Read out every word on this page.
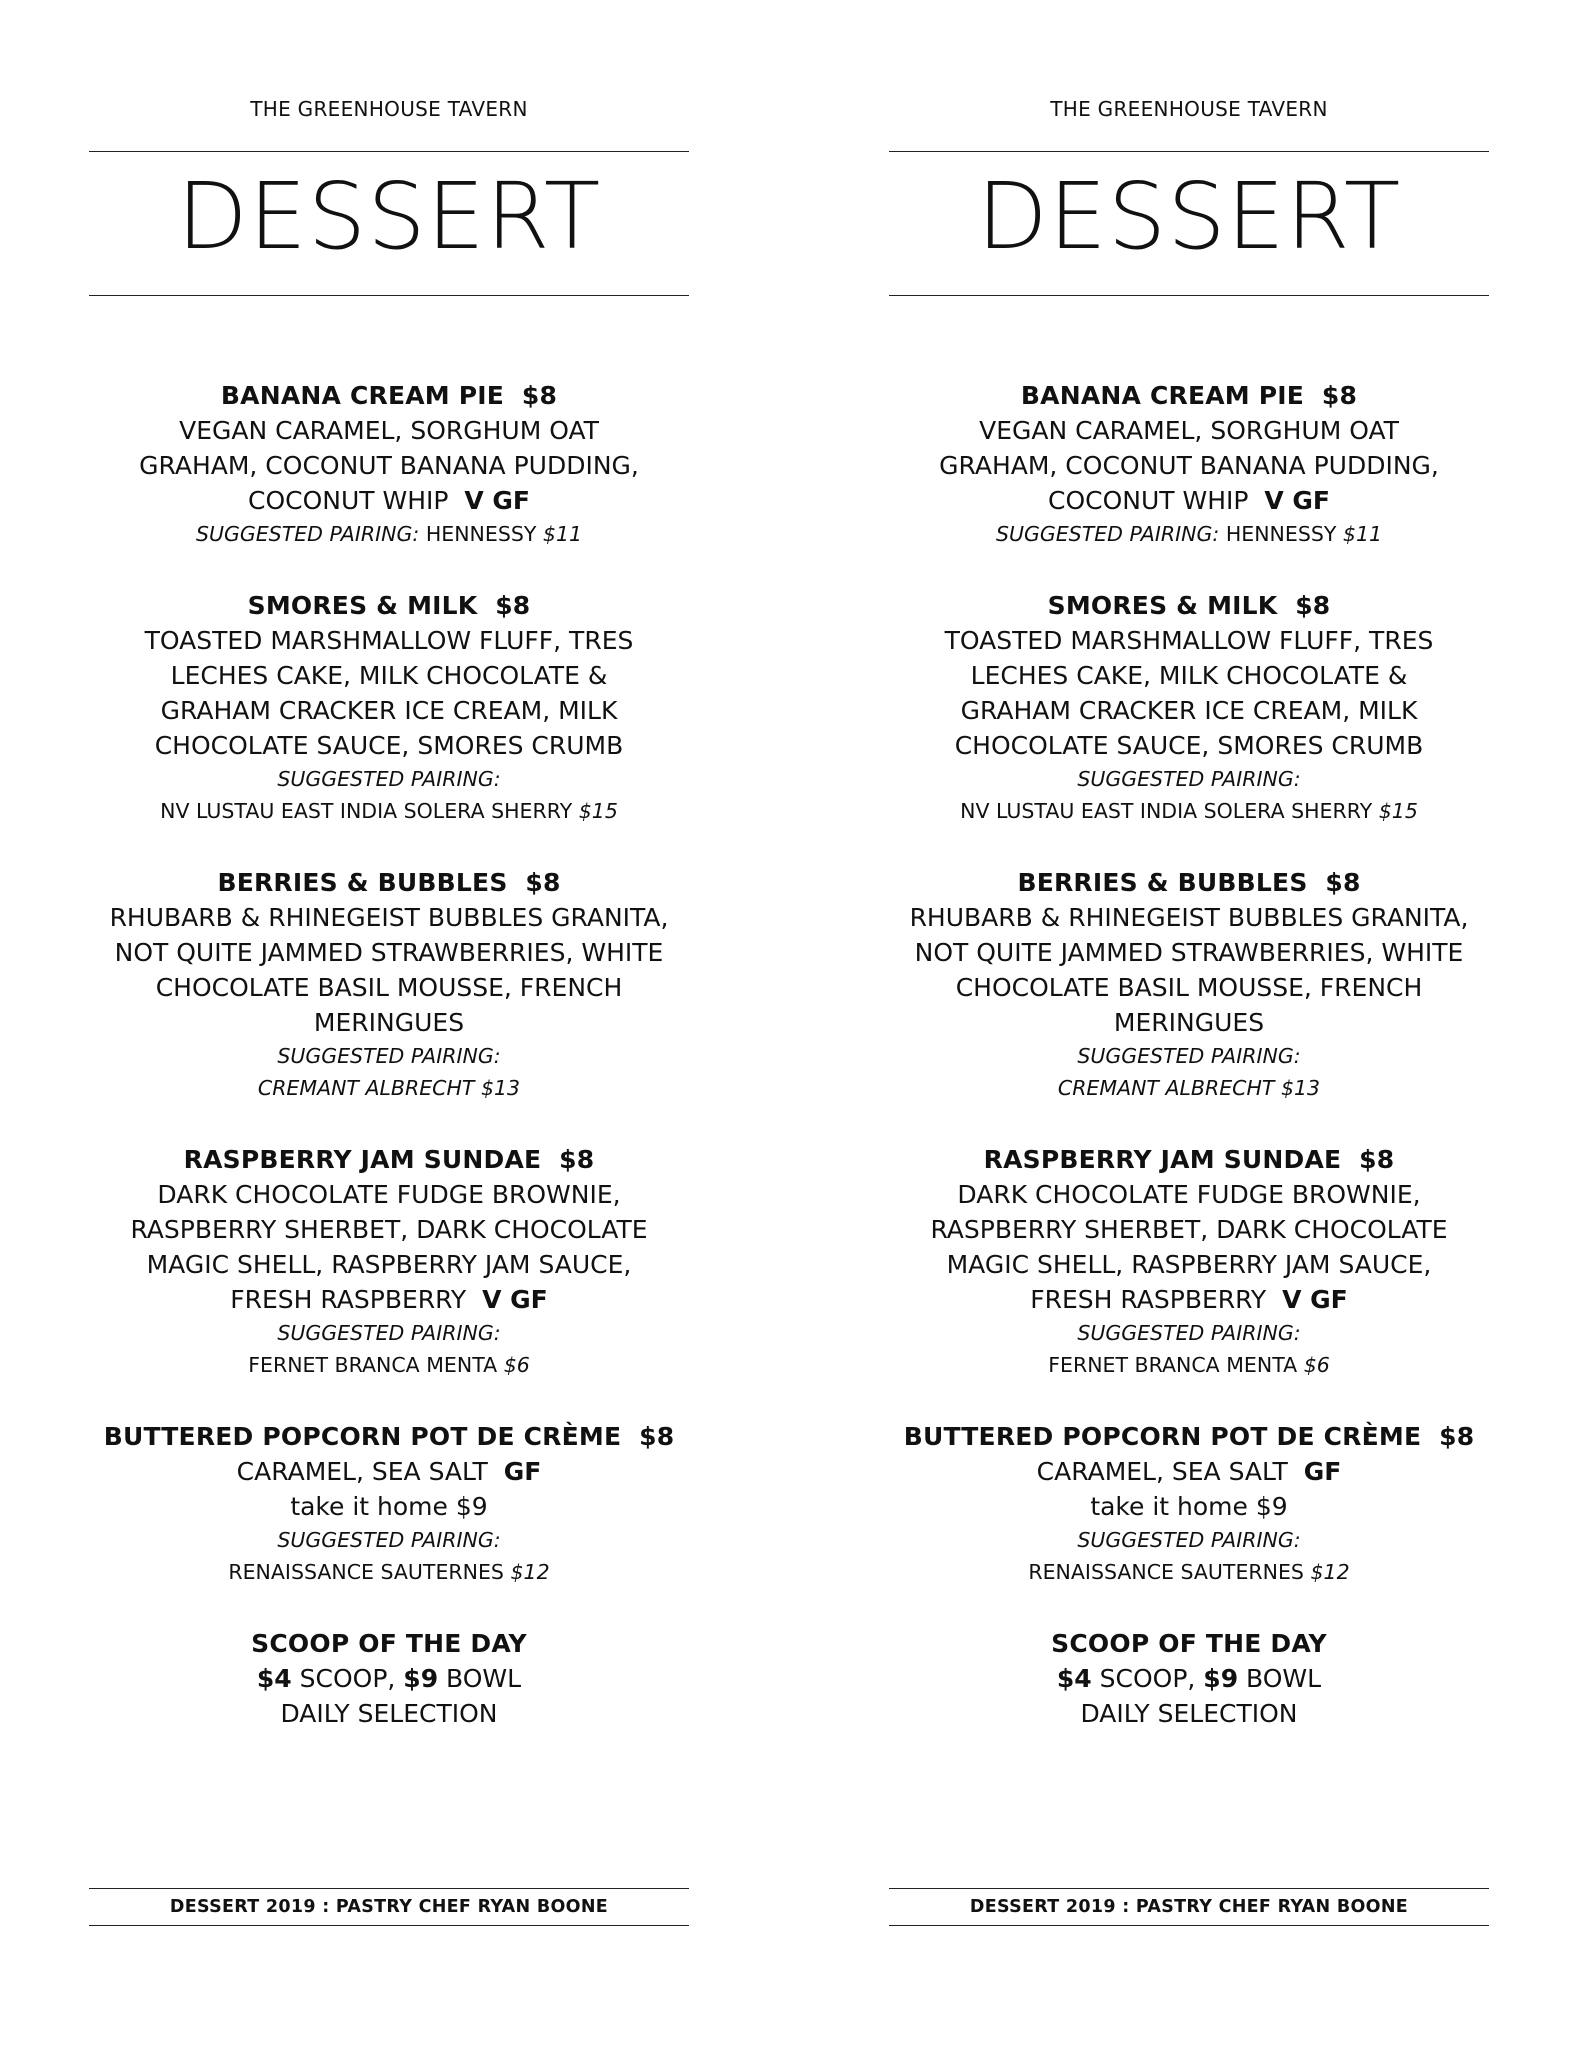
THE GREENHOUSE TAVERN
DESSERT
BANANA CREAM PIE $8
VEGAN CARAMEL, SORGHUM OAT
GRAHAM, COCONUT BANANA PUDDING,
COCONUT WHIP V GF
SUGGESTED PAIRING: HENNESSY $11
SMORES & MILK $8
TOASTED MARSHMALLOW FLUFF, TRES
LECHES CAKE, MILK CHOCOLATE &
GRAHAM CRACKER ICE CREAM, MILK
CHOCOLATE SAUCE, SMORES CRUMB
SUGGESTED PAIRING:
NV LUSTAU EAST INDIA SOLERA SHERRY $15
BERRIES & BUBBLES $8
RHUBARB & RHINEGEIST BUBBLES GRANITA,
NOT QUITE JAMMED STRAWBERRIES, WHITE
CHOCOLATE BASIL MOUSSE, FRENCH
MERINGUES
SUGGESTED PAIRING:
CREMANT ALBRECHT $13
RASPBERRY JAM SUNDAE $8
DARK CHOCOLATE FUDGE BROWNIE,
RASPBERRY SHERBET, DARK CHOCOLATE
MAGIC SHELL, RASPBERRY JAM SAUCE,
FRESH RASPBERRY V GF
SUGGESTED PAIRING:
FERNET BRANCA MENTA $6
BUTTERED POPCORN POT DE CRÈME $8
CARAMEL, SEA SALT GF
take it home $9
SUGGESTED PAIRING:
RENAISSANCE SAUTERNES $12
SCOOP OF THE DAY
$4 SCOOP, $9 BOWL
DAILY SELECTION
DESSERT 2019 : PASTRY CHEF RYAN BOONE
THE GREENHOUSE TAVERN
DESSERT
BANANA CREAM PIE $8
VEGAN CARAMEL, SORGHUM OAT
GRAHAM, COCONUT BANANA PUDDING,
COCONUT WHIP V GF
SUGGESTED PAIRING: HENNESSY $11
SMORES & MILK $8
TOASTED MARSHMALLOW FLUFF, TRES
LECHES CAKE, MILK CHOCOLATE &
GRAHAM CRACKER ICE CREAM, MILK
CHOCOLATE SAUCE, SMORES CRUMB
SUGGESTED PAIRING:
NV LUSTAU EAST INDIA SOLERA SHERRY $15
BERRIES & BUBBLES $8
RHUBARB & RHINEGEIST BUBBLES GRANITA,
NOT QUITE JAMMED STRAWBERRIES, WHITE
CHOCOLATE BASIL MOUSSE, FRENCH
MERINGUES
SUGGESTED PAIRING:
CREMANT ALBRECHT $13
RASPBERRY JAM SUNDAE $8
DARK CHOCOLATE FUDGE BROWNIE,
RASPBERRY SHERBET, DARK CHOCOLATE
MAGIC SHELL, RASPBERRY JAM SAUCE,
FRESH RASPBERRY V GF
SUGGESTED PAIRING:
FERNET BRANCA MENTA $6
BUTTERED POPCORN POT DE CRÈME $8
CARAMEL, SEA SALT GF
take it home $9
SUGGESTED PAIRING:
RENAISSANCE SAUTERNES $12
SCOOP OF THE DAY
$4 SCOOP, $9 BOWL
DAILY SELECTION
DESSERT 2019 : PASTRY CHEF RYAN BOONE
